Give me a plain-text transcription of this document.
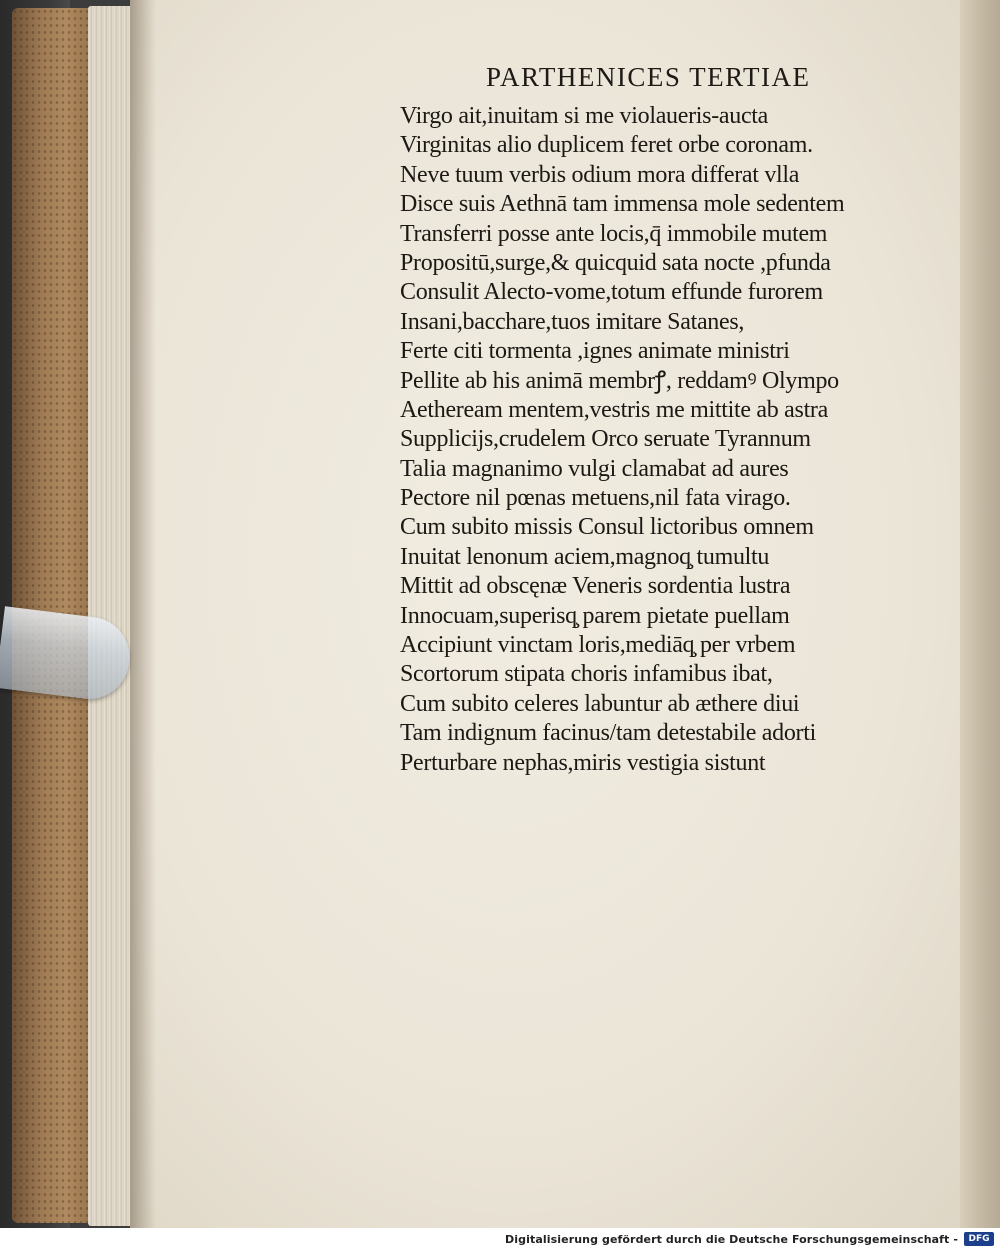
PARTHENICES TERTIAE
Virgo ait,inuitam si me violaueris-aucta
Virginitas alio duplicem feret orbe coronam.
Neve tuum verbis odium mora differat vlla
Disce suis Aethnā tam immensa mole sedentem
Transferri posse ante locis,q̄ immobile mutem
Propositū,surge,& quicquid sata nocte ,pfunda
Consulit Alecto-vome,totum effunde furorem
Insani,bacchare,tuos imitare Satanes,
Ferte citi tormenta ,ignes animate ministri
Pellite ab his animā membrꝭ, reddamꝰ Olympo
Aetheream mentem,vestris me mittite ab astra
Supplicijs,crudelem Orco seruate Tyrannum
Talia magnanimo vulgi clamabat ad aures
Pectore nil pœnas metuens,nil fata virago.
Cum subito missis Consul lictoribus omnem
Inuitat lenonum aciem,magnoq̧ tumultu
Mittit ad obscęnæ Veneris sordentia lustra
Innocuam,superisq̧ parem pietate puellam
Accipiunt vinctam loris,mediāq̧ per vrbem
Scortorum stipata choris infamibus ibat,
Cum subito celeres labuntur ab æthere diui
Tam indignum facinus/tam detestabile adorti
Perturbare nephas,miris vestigia sistunt
Digitalisierung gefördert durch die Deutsche Forschungsgemeinschaft -	DFG
